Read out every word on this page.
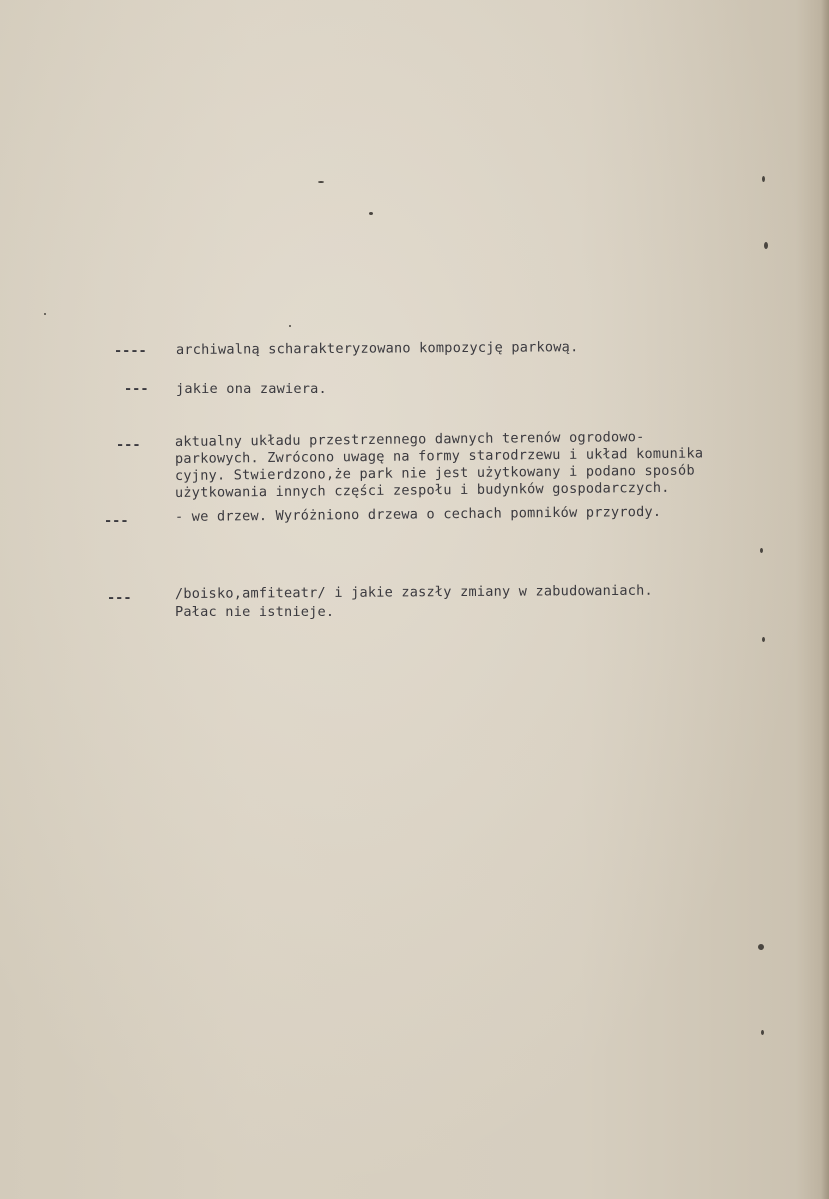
---- archiwalną scharakteryzowano kompozycję parkową.
--- jakie ona zawiera.
---	aktualny układu przestrzennego dawnych terenów ogrodowo-
parkowych. Zwrócono uwagę na formy starodrzewu i układ komunika
cyjny. Stwierdzono,że park nie jest użytkowany i podano sposób
użytkowania innych części zespołu i budynków gospodarczych.
---	- we drzew. Wyróżniono drzewa o cechach pomników przyrody.
---	/boisko,amfiteatr/ i jakie zaszły zmiany w zabudowaniach.
Pałac nie istnieje.
